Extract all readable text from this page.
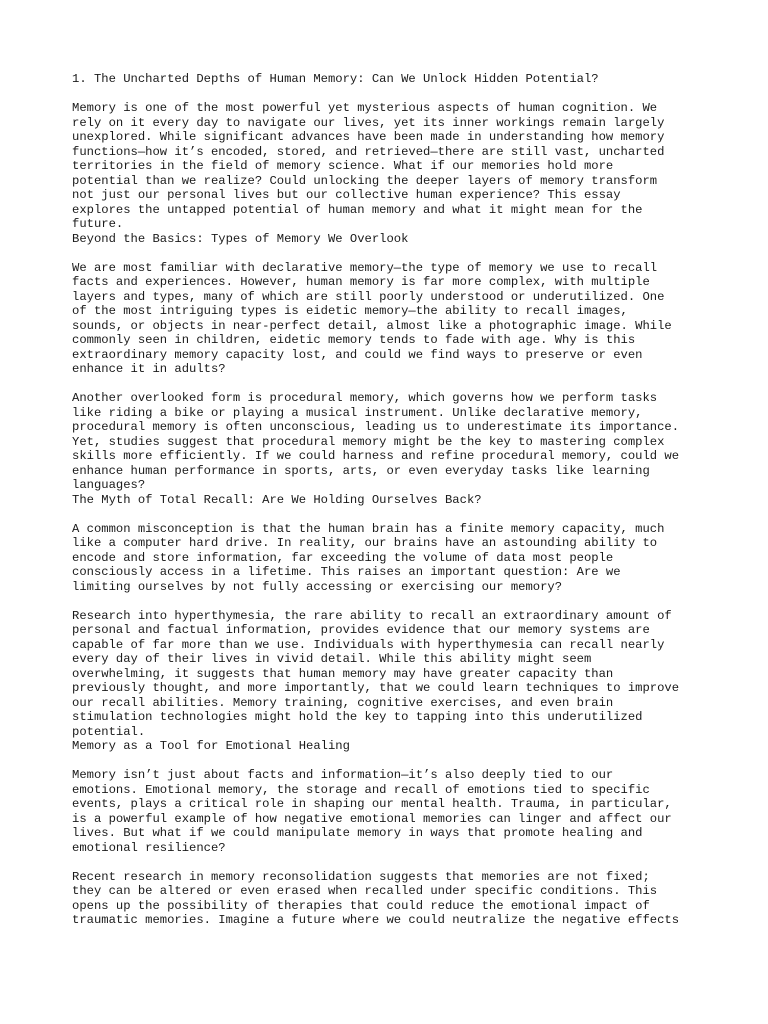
1. The Uncharted Depths of Human Memory: Can We Unlock Hidden Potential?
Memory is one of the most powerful yet mysterious aspects of human cognition. We
rely on it every day to navigate our lives, yet its inner workings remain largely
unexplored. While significant advances have been made in understanding how memory
functions—how it’s encoded, stored, and retrieved—there are still vast, uncharted
territories in the field of memory science. What if our memories hold more
potential than we realize? Could unlocking the deeper layers of memory transform
not just our personal lives but our collective human experience? This essay
explores the untapped potential of human memory and what it might mean for the
future.
Beyond the Basics: Types of Memory We Overlook
We are most familiar with declarative memory—the type of memory we use to recall
facts and experiences. However, human memory is far more complex, with multiple
layers and types, many of which are still poorly understood or underutilized. One
of the most intriguing types is eidetic memory—the ability to recall images,
sounds, or objects in near-perfect detail, almost like a photographic image. While
commonly seen in children, eidetic memory tends to fade with age. Why is this
extraordinary memory capacity lost, and could we find ways to preserve or even
enhance it in adults?
Another overlooked form is procedural memory, which governs how we perform tasks
like riding a bike or playing a musical instrument. Unlike declarative memory,
procedural memory is often unconscious, leading us to underestimate its importance.
Yet, studies suggest that procedural memory might be the key to mastering complex
skills more efficiently. If we could harness and refine procedural memory, could we
enhance human performance in sports, arts, or even everyday tasks like learning
languages?
The Myth of Total Recall: Are We Holding Ourselves Back?
A common misconception is that the human brain has a finite memory capacity, much
like a computer hard drive. In reality, our brains have an astounding ability to
encode and store information, far exceeding the volume of data most people
consciously access in a lifetime. This raises an important question: Are we
limiting ourselves by not fully accessing or exercising our memory?
Research into hyperthymesia, the rare ability to recall an extraordinary amount of
personal and factual information, provides evidence that our memory systems are
capable of far more than we use. Individuals with hyperthymesia can recall nearly
every day of their lives in vivid detail. While this ability might seem
overwhelming, it suggests that human memory may have greater capacity than
previously thought, and more importantly, that we could learn techniques to improve
our recall abilities. Memory training, cognitive exercises, and even brain
stimulation technologies might hold the key to tapping into this underutilized
potential.
Memory as a Tool for Emotional Healing
Memory isn’t just about facts and information—it’s also deeply tied to our
emotions. Emotional memory, the storage and recall of emotions tied to specific
events, plays a critical role in shaping our mental health. Trauma, in particular,
is a powerful example of how negative emotional memories can linger and affect our
lives. But what if we could manipulate memory in ways that promote healing and
emotional resilience?
Recent research in memory reconsolidation suggests that memories are not fixed;
they can be altered or even erased when recalled under specific conditions. This
opens up the possibility of therapies that could reduce the emotional impact of
traumatic memories. Imagine a future where we could neutralize the negative effects
